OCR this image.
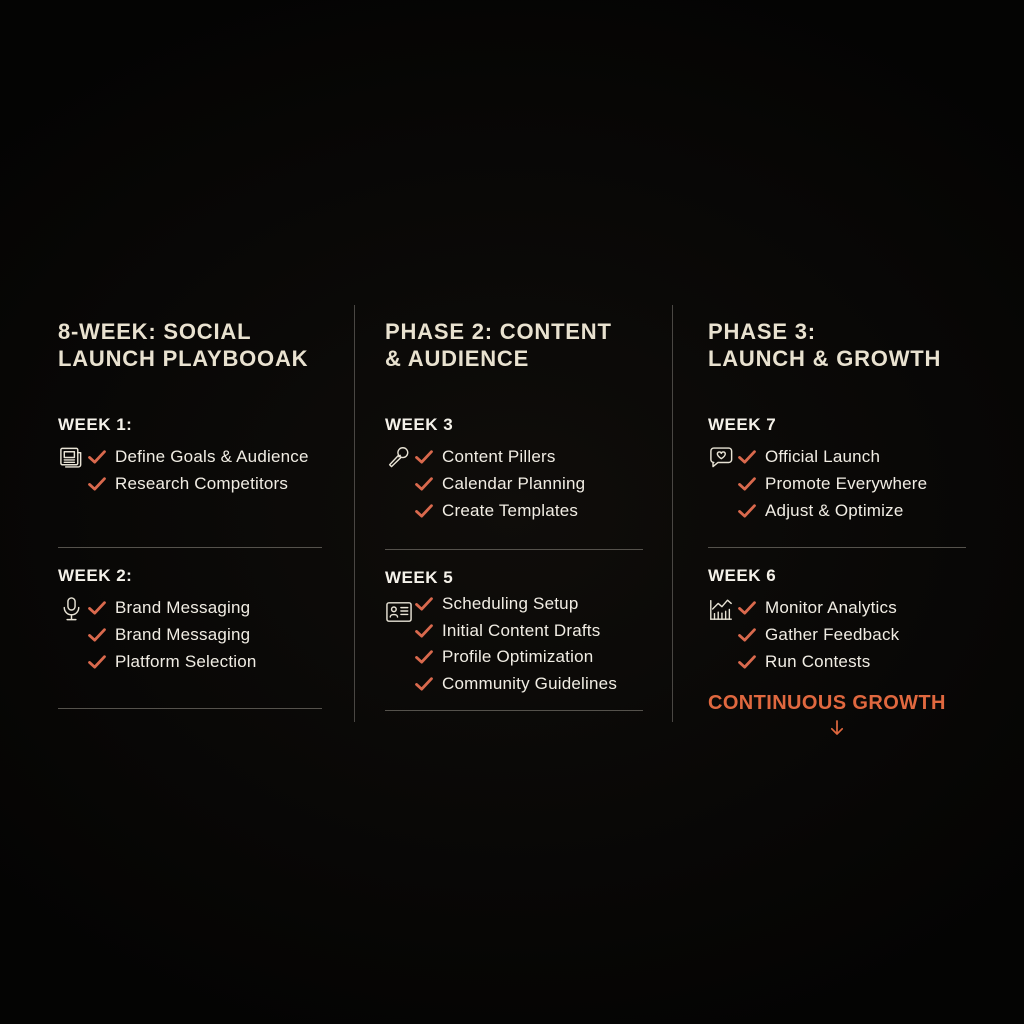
8-WEEK: SOCIAL
LAUNCH PLAYBOOAK
WEEK 1:
Define Goals & Audience
Research Competitors
WEEK 2:
Brand Messaging
Brand Messaging
Platform Selection
PHASE 2: CONTENT
& AUDIENCE
WEEK 3
Content Pillers
Calendar Planning
Create Templates
WEEK 5
Scheduling Setup
Initial Content Drafts
Profile Optimization
Community Guidelines
PHASE 3:
LAUNCH & GROWTH
WEEK 7
Official Launch
Promote Everywhere
Adjust & Optimize
WEEK 6
Monitor Analytics
Gather Feedback
Run Contests
CONTINUOUS GROWTH
